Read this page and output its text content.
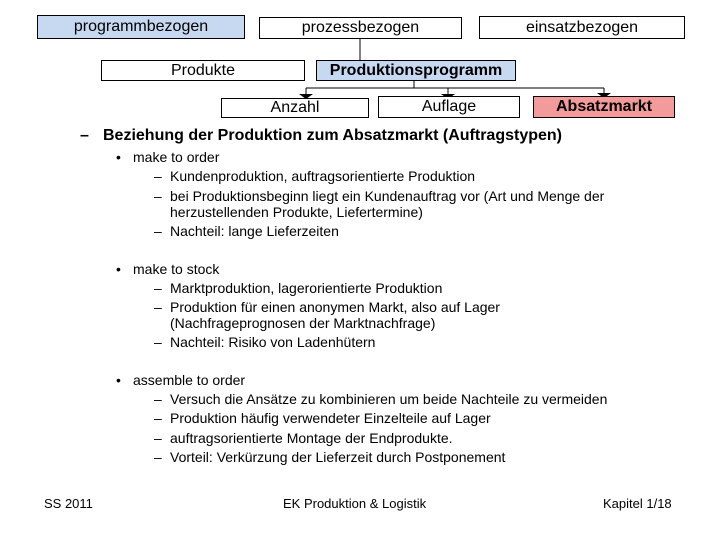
programmbezogen	prozessbezogen	einsatzbezogen
Produkte	Produktionsprogramm
Anzahl	Auflage	Absatzmarkt
– Beziehung der Produktion zum Absatzmarkt (Auftragstypen)
• make to order
– Kundenproduktion, auftragsorientierte Produktion
– bei Produktionsbeginn liegt ein Kundenauftrag vor (Art und Menge der
herzustellenden Produkte, Liefertermine)
– Nachteil: lange Lieferzeiten
• make to stock
– Marktproduktion, lagerorientierte Produktion
– Produktion für einen anonymen Markt, also auf Lager
(Nachfrageprognosen der Marktnachfrage)
– Nachteil: Risiko von Ladenhütern
• assemble to order
– Versuch die Ansätze zu kombinieren um beide Nachteile zu vermeiden
– Produktion häufig verwendeter Einzelteile auf Lager
– auftragsorientierte Montage der Endprodukte.
– Vorteil: Verkürzung der Lieferzeit durch Postponement
SS 2011	EK Produktion & Logistik	Kapitel 1/18
